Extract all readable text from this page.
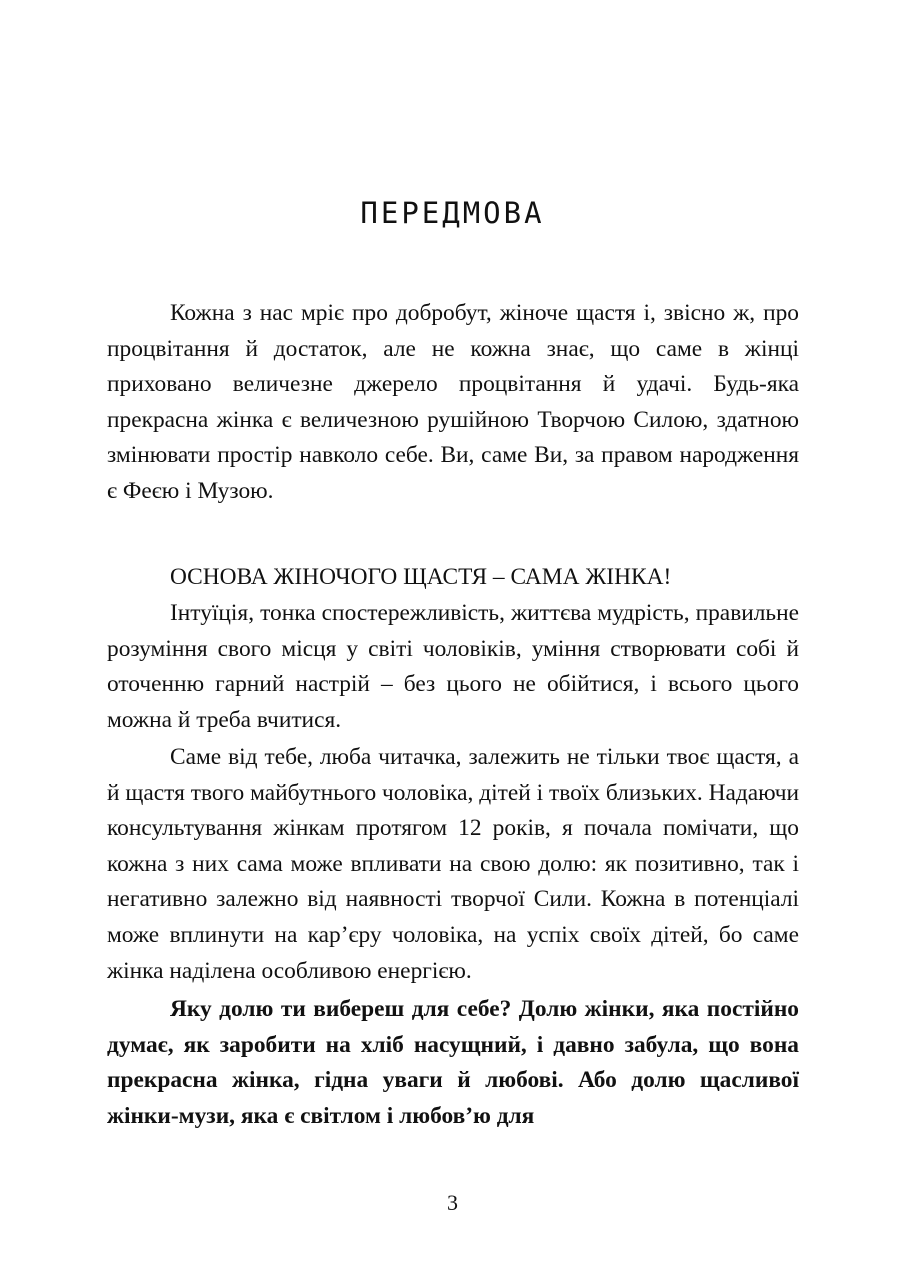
ПЕРЕДМОВА

Кожна з нас мріє про добробут, жіноче щастя і, звісно ж, про процвітання й достаток, але не кожна знає, що саме в жінці приховано величезне джерело процвітання й удачі. Будь-яка прекрасна жінка є величезною рушійною Творчою Силою, здатною змінювати простір навколо себе. Ви, саме Ви, за правом народження є Феєю і Музою.

ОСНОВА ЖІНОЧОГО ЩАСТЯ – САМА ЖІНКА!

Інтуїція, тонка спостережливість, життєва мудрість, правильне розуміння свого місця у світі чоловіків, уміння створювати собі й оточенню гарний настрій – без цього не обійтися, і всього цього можна й треба вчитися.

Саме від тебе, люба читачка, залежить не тільки твоє щастя, а й щастя твого майбутнього чоловіка, дітей і твоїх близьких. Надаючи консультування жінкам протягом 12 років, я почала помічати, що кожна з них сама може впливати на свою долю: як позитивно, так і негативно залежно від наявності творчої Сили. Кожна в потенціалі може вплинути на кар’єру чоловіка, на успіх своїх дітей, бо саме жінка наділена особливою енергією.

Яку долю ти вибереш для себе? Долю жінки, яка постійно думає, як заробити на хліб насущний, і давно забула, що вона прекрасна жінка, гідна уваги й любові. Або долю щасливої жінки-музи, яка є світлом і любов’ю для

3
